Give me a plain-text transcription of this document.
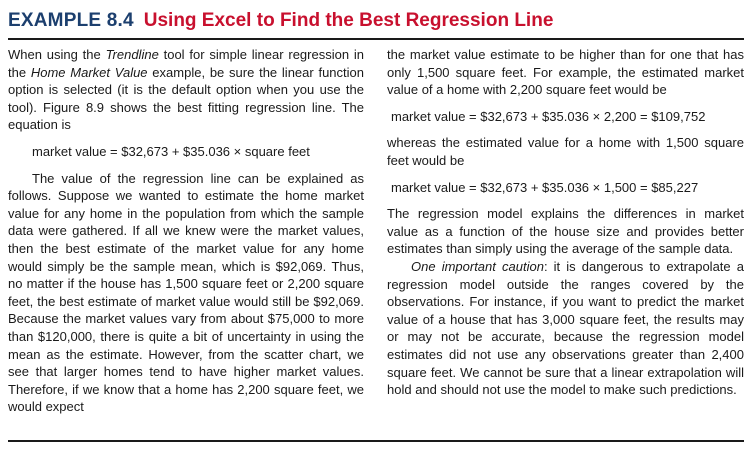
EXAMPLE 8.4 Using Excel to Find the Best Regression Line

When using the Trendline tool for simple linear regression in the Home Market Value example, be sure the linear function option is selected (it is the default option when you use the tool). Figure 8.9 shows the best fitting regression line. The equation is

market value = $32,673 + $35.036 × square feet

The value of the regression line can be explained as follows. Suppose we wanted to estimate the home market value for any home in the population from which the sample data were gathered. If all we knew were the market values, then the best estimate of the market value for any home would simply be the sample mean, which is $92,069. Thus, no matter if the house has 1,500 square feet or 2,200 square feet, the best estimate of market value would still be $92,069. Because the market values vary from about $75,000 to more than $120,000, there is quite a bit of uncertainty in using the mean as the estimate. However, from the scatter chart, we see that larger homes tend to have higher market values. Therefore, if we know that a home has 2,200 square feet, we would expect

the market value estimate to be higher than for one that has only 1,500 square feet. For example, the estimated market value of a home with 2,200 square feet would be

market value = $32,673 + $35.036 × 2,200 = $109,752

whereas the estimated value for a home with 1,500 square feet would be

market value = $32,673 + $35.036 × 1,500 = $85,227

The regression model explains the differences in market value as a function of the house size and provides better estimates than simply using the average of the sample data.

One important caution: it is dangerous to extrapolate a regression model outside the ranges covered by the observations. For instance, if you want to predict the market value of a house that has 3,000 square feet, the results may or may not be accurate, because the regression model estimates did not use any observations greater than 2,400 square feet. We cannot be sure that a linear extrapolation will hold and should not use the model to make such predictions.
